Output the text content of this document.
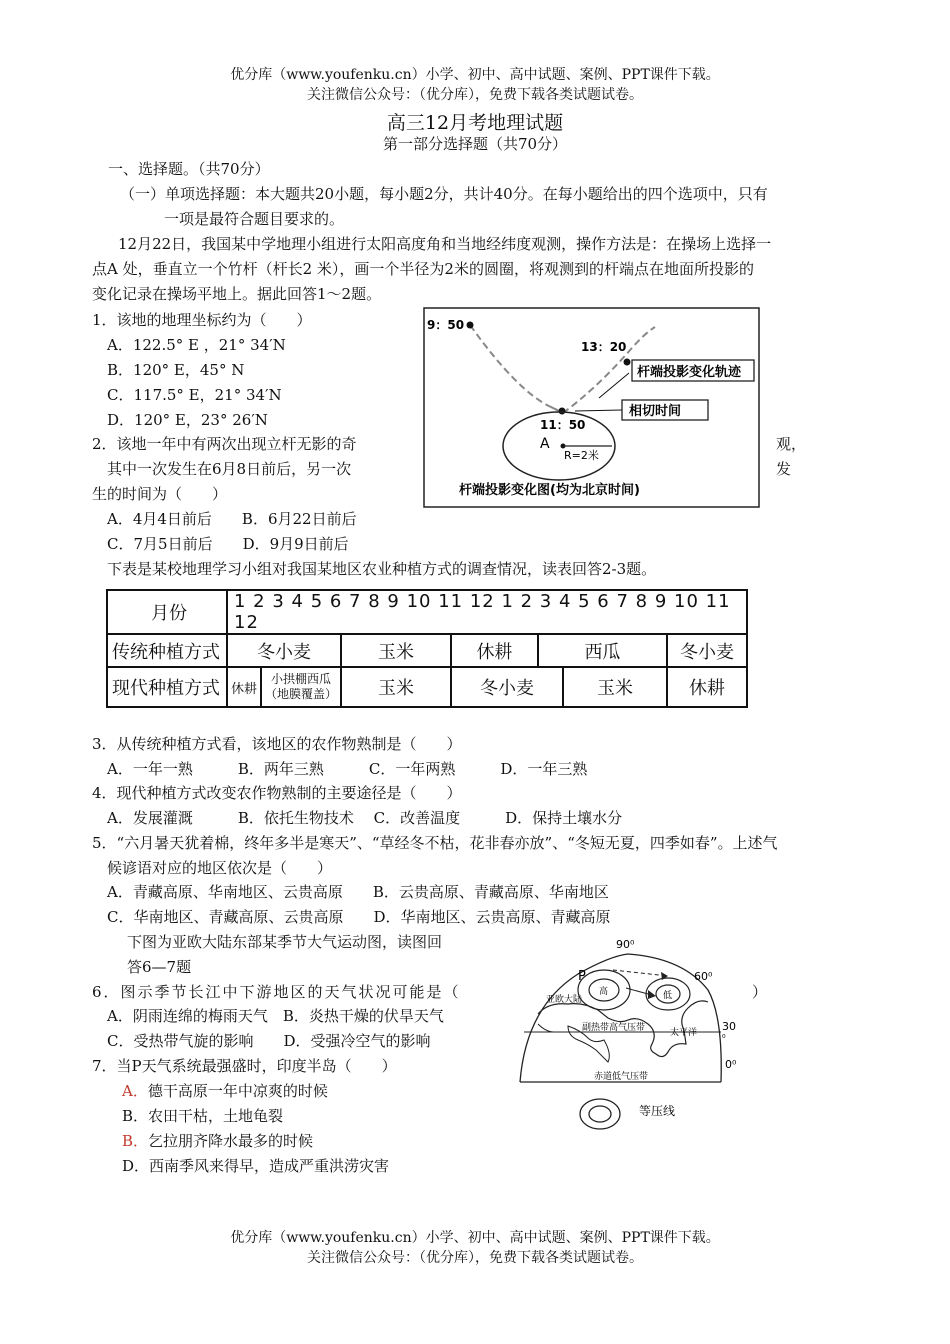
优分库（www.youfenku.cn）小学、初中、高中试题、案例、PPT课件下载。
关注微信公众号：（优分库），免费下载各类试题试卷。
高三12月考地理试题
第一部分选择题（共70分）
一、选择题。（共70分）
（一）单项选择题：本大题共20小题，每小题2分，共计40分。在每小题给出的四个选项中，只有
一项是最符合题目要求的。
12月22日，我国某中学地理小组进行太阳高度角和当地经纬度观测，操作方法是：在操场上选择一
点A 处，垂直立一个竹杆（杆长2 米），画一个半径为2米的圆圈，将观测到的杆端点在地面所投影的
变化记录在操场平地上。据此回答1～2题。
1．该地的地理坐标约为（　　）
A．122.5° E ，21° 34′N
B．120° E，45° N
C．117.5° E，21° 34′N
D．120° E，23° 26′N
2．该地一年中有两次出现立杆无影的奇	观，
其中一次发生在6月8日前后，另一次	发
生的时间为（　　）
A．4月4日前后　　B．6月22日前后
C．7月5日前后　　D．9月9日前后
9：50
13：20
11：50
A
R=2米
杆端投影变化轨迹
相切时间
杆端投影变化图(均为北京时间)
下表是某校地理学习小组对我国某地区农业种植方式的调查情况，读表回答2-3题。
月份	1 2 3 4 5 6 7 8 9 10 11 12 1 2 3 4 5 6 7 8 9 10 11 12						
传统种植方式	冬小麦		玉米	休耕	西瓜		冬小麦
现代种植方式	休耕	小拱棚西瓜
（地膜覆盖）	玉米	冬小麦		玉米	休耕
3．从传统种植方式看，该地区的农作物熟制是（　　）
A．一年一熟　　　B．两年三熟　　　C．一年两熟　　　D．一年三熟
4．现代种植方式改变农作物熟制的主要途径是（　　）
A．发展灌溉　　　B．依托生物技术　 C．改善温度　　　D．保持土壤水分
5．“六月暑天犹着棉，终年多半是寒天”、“草经冬不枯，花非春亦放”、“冬短无夏，四季如春”。上述气
候谚语对应的地区依次是（　　）
A．青藏高原、华南地区、云贵高原　　B．云贵高原、青藏高原、华南地区
C．华南地区、青藏高原、云贵高原　　D．华南地区、云贵高原、青藏高原
下图为亚欧大陆东部某季节大气运动图，读图回
答6—7题
6．图示季节长江中下游地区的天气状况可能是（	）
A．阴雨连绵的梅雨天气　B．炎热干燥的伏旱天气
C．受热带气旋的影响　　D．受强冷空气的影响
7．当P天气系统最强盛时，印度半岛（　　）
A．德干高原一年中凉爽的时候
B．农田干枯，土地龟裂
B．乞拉朋齐降水最多的时候
D．西南季风来得早，造成严重洪涝灾害
90⁰
60⁰
30
⁰
0⁰
P
高	低
亚欧大陆
副热带高气压带	太平洋
赤道低气压带
等压线
优分库（www.youfenku.cn）小学、初中、高中试题、案例、PPT课件下载。
关注微信公众号：（优分库），免费下载各类试题试卷。
